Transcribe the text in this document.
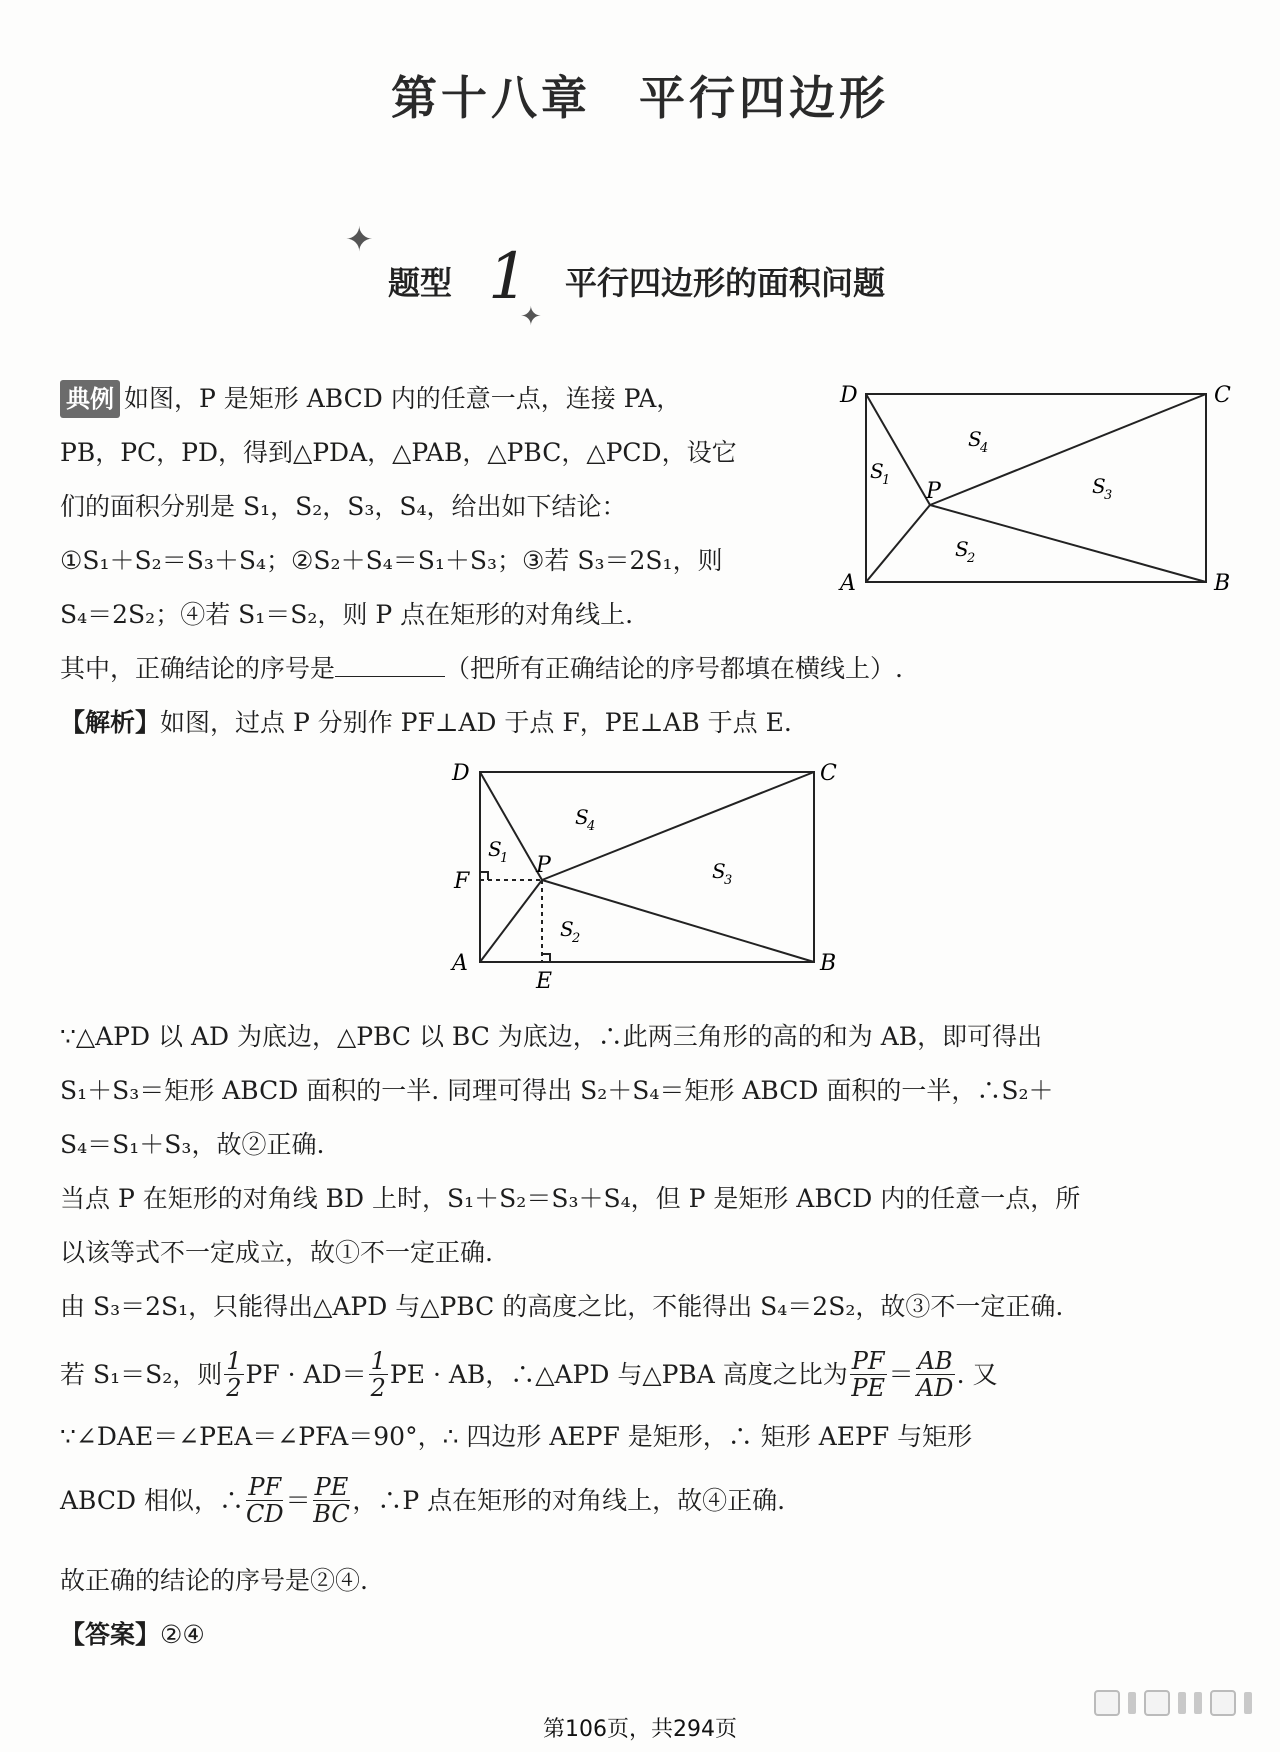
第十八章 平行四边形
✦
✦
题型 1 平行四边形的面积问题
典例 如图，P 是矩形 ABCD 内的任意一点，连接 PA，
PB，PC，PD，得到△PDA，△PAB，△PBC，△PCD，设它
们的面积分别是 S₁，S₂，S₃，S₄，给出如下结论：
①S₁＋S₂＝S₃＋S₄；②S₂＋S₄＝S₁＋S₃；③若 S₃＝2S₁，则
S₄＝2S₂；④若 S₁＝S₂，则 P 点在矩形的对角线上.
其中，正确结论的序号是	（把所有正确结论的序号都填在横线上）.
D	C
A	B
P
S
1
S
2
S
3
S
4
【解析】如图，过点 P 分别作 PF⊥AD 于点 F，PE⊥AB 于点 E.
D	C
A	B
P
F
E
S
1
S
2
S
3
S
4
∵△APD 以 AD 为底边，△PBC 以 BC 为底边，∴此两三角形的高的和为 AB，即可得出
S₁＋S₃＝矩形 ABCD 面积的一半. 同理可得出 S₂＋S₄＝矩形 ABCD 面积的一半，∴S₂＋
S₄＝S₁＋S₃，故②正确.
当点 P 在矩形的对角线 BD 上时，S₁＋S₂＝S₃＋S₄，但 P 是矩形 ABCD 内的任意一点，所
以该等式不一定成立，故①不一定正确.
由 S₃＝2S₁，只能得出△APD 与△PBC 的高度之比，不能得出 S₄＝2S₂，故③不一定正确.
若 S₁＝S₂，则 $\frac{1}{2}$ PF · $AD= \frac{1}{2}$ PE · AB，∴△APD 与△PBA 高度之比为 $\frac{PF}{PE} = \frac{AB}{AD}$ . 又
∵∠DAE＝∠PEA＝∠PFA＝90°，∴ 四边形 AEPF 是矩形，∴ 矩形 AEPF 与矩形
ABCD 相似，∴ $\frac{PF}{CD} = \frac{PE}{BC}$ ，∴P 点在矩形的对角线上，故④正确.
故正确的结论的序号是②④.
【答案】②④
第106页，共294页
